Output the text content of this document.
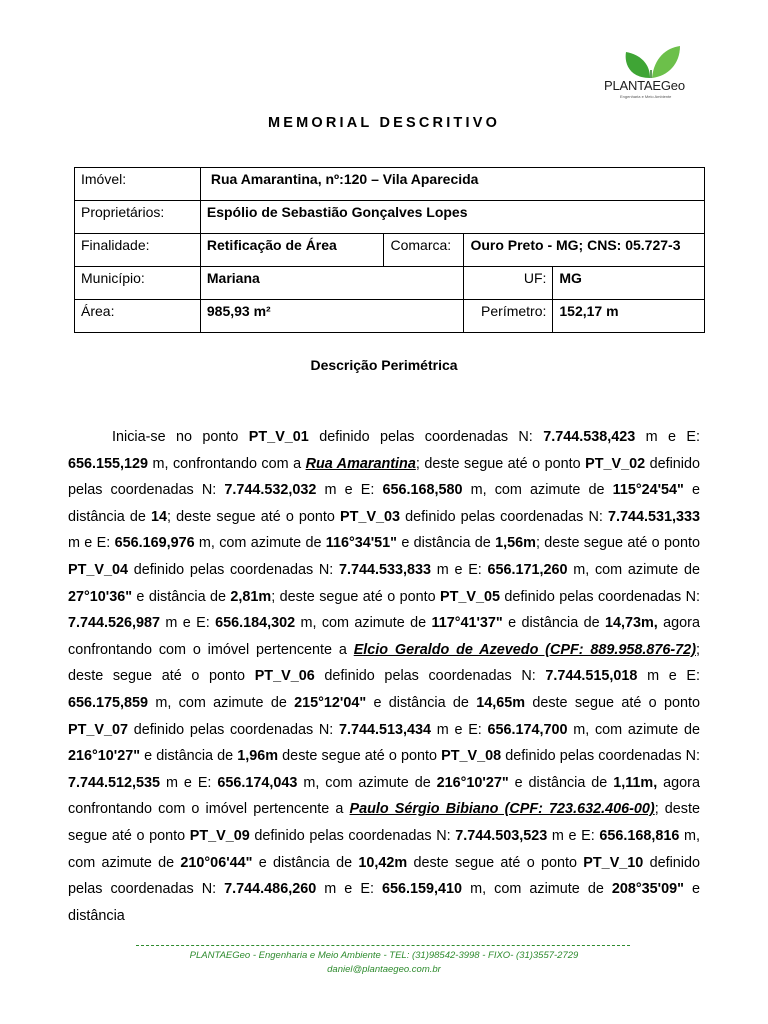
PLANTAEGeo
Engenharia e Meio Ambiente
MEMORIAL DESCRITIVO
Imóvel:	Rua Amarantina, nº:120 – Vila Aparecida			
Proprietários:	Espólio de Sebastião Gonçalves Lopes			
Finalidade:	Retificação de Área	Comarca:	Ouro Preto - MG; CNS: 05.727-3	
Município:	Mariana		UF:	MG
Área:	985,93 m²		Perímetro:	152,17 m
Descrição Perimétrica

Inicia-se no ponto PT_V_01 definido pelas coordenadas N: 7.744.538,423 m e E: 656.155,129 m, confrontando com a Rua Amarantina; deste segue até o ponto PT_V_02 definido pelas coordenadas N: 7.744.532,032 m e E: 656.168,580 m, com azimute de 115°24'54" e distância de 14; deste segue até o ponto PT_V_03 definido pelas coordenadas N: 7.744.531,333 m e E: 656.169,976 m, com azimute de 116°34'51" e distância de 1,56m; deste segue até o ponto PT_V_04 definido pelas coordenadas N: 7.744.533,833 m e E: 656.171,260 m, com azimute de 27°10'36" e distância de 2,81m; deste segue até o ponto PT_V_05 definido pelas coordenadas N: 7.744.526,987 m e E: 656.184,302 m, com azimute de 117°41'37" e distância de 14,73m, agora confrontando com o imóvel pertencente a Elcio Geraldo de Azevedo (CPF: 889.958.876-72); deste segue até o ponto PT_V_06 definido pelas coordenadas N: 7.744.515,018 m e E: 656.175,859 m, com azimute de 215°12'04" e distância de 14,65m deste segue até o ponto PT_V_07 definido pelas coordenadas N: 7.744.513,434 m e E: 656.174,700 m, com azimute de 216°10'27" e distância de 1,96m deste segue até o ponto PT_V_08 definido pelas coordenadas N: 7.744.512,535 m e E: 656.174,043 m, com azimute de 216°10'27" e distância de 1,11m, agora confrontando com o imóvel pertencente a Paulo Sérgio Bibiano (CPF: 723.632.406-00); deste segue até o ponto PT_V_09 definido pelas coordenadas N: 7.744.503,523 m e E: 656.168,816 m, com azimute de 210°06'44" e distância de 10,42m deste segue até o ponto PT_V_10 definido pelas coordenadas N: 7.744.486,260 m e E: 656.159,410 m, com azimute de 208°35'09" e distância

PLANTAEGeo - Engenharia e Meio Ambiente - TEL: (31)98542-3998 - FIXO- (31)3557-2729
daniel@plantaegeo.com.br
